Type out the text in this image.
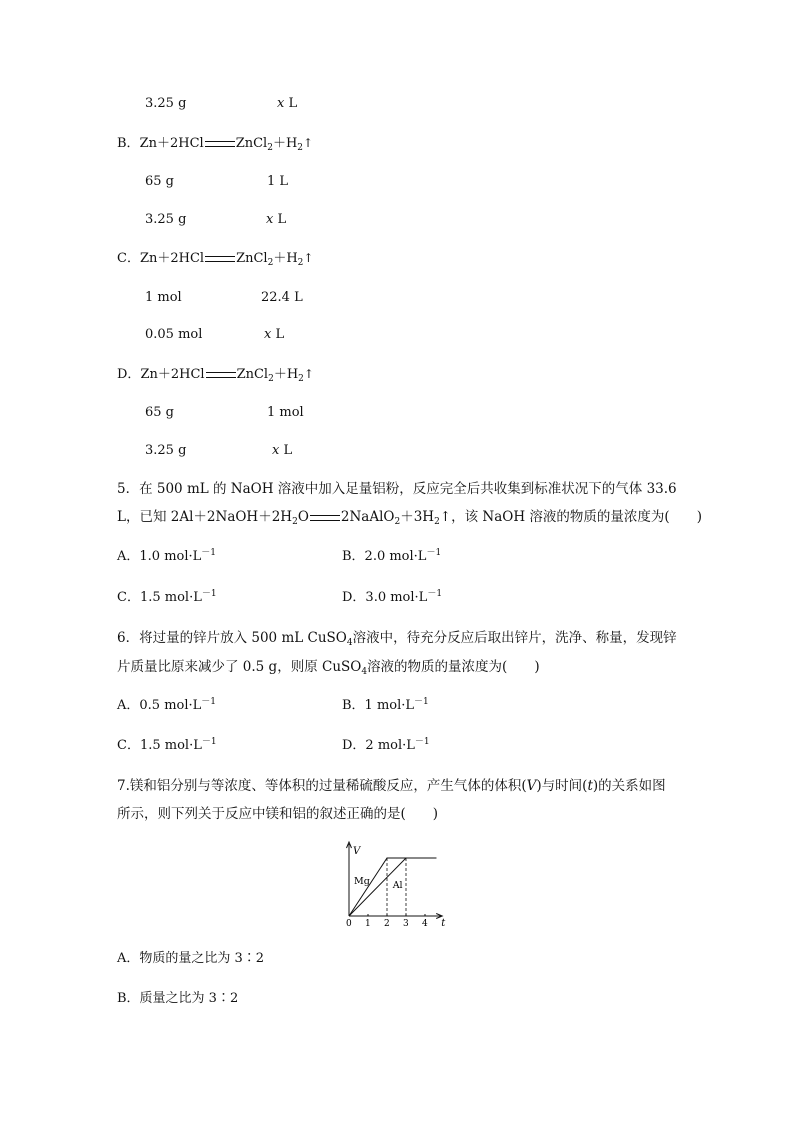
3.25 g	x L
B．Zn＋2HCl $ZnCl_2+H_2↑$
65 g	1 L
3.25 g	x L
C．Zn＋2HCl $ZnCl_2+H_2↑$
1 mol	22.4 L
0.05 mol	x L
D．Zn＋2HCl $ZnCl_2+H_2↑$
65 g	1 mol
3.25 g	x L
5．在 500 mL 的 NaOH 溶液中加入足量铝粉，反应完全后共收集到标准状况下的气体 33.6
L，已知 $2Al+2NaOH+2H_2O$ $2NaAlO_2+3H_2↑$，该 NaOH 溶液的物质的量浓度为(　　)
A．1.0 $mol\cdot L^{-1}$	B．2.0 $mol\cdot L^{-1}$
C．1.5 $mol\cdot L^{-1}$	D．3.0 $mol\cdot L^{-1}$
6．将过量的锌片放入 500 mL CuSO$_4$溶液中，待充分反应后取出锌片，洗净、称量，发现锌
片质量比原来减少了 0.5 g，则原 CuSO$_4$溶液的物质的量浓度为(　　)
A．0.5 $mol\cdot L^{-1}$	B．1 $mol\cdot L^{-1}$
C．1.5 $mol\cdot L^{-1}$	D．2 $mol\cdot L^{-1}$
7.镁和铝分别与等浓度、等体积的过量稀硫酸反应，产生气体的体积(V)与时间(t)的关系如图
所示，则下列关于反应中镁和铝的叙述正确的是(　　)
V
t
0 1 2 3 4
Mg Al
A．物质的量之比为 3∶2
B．质量之比为 3∶2
